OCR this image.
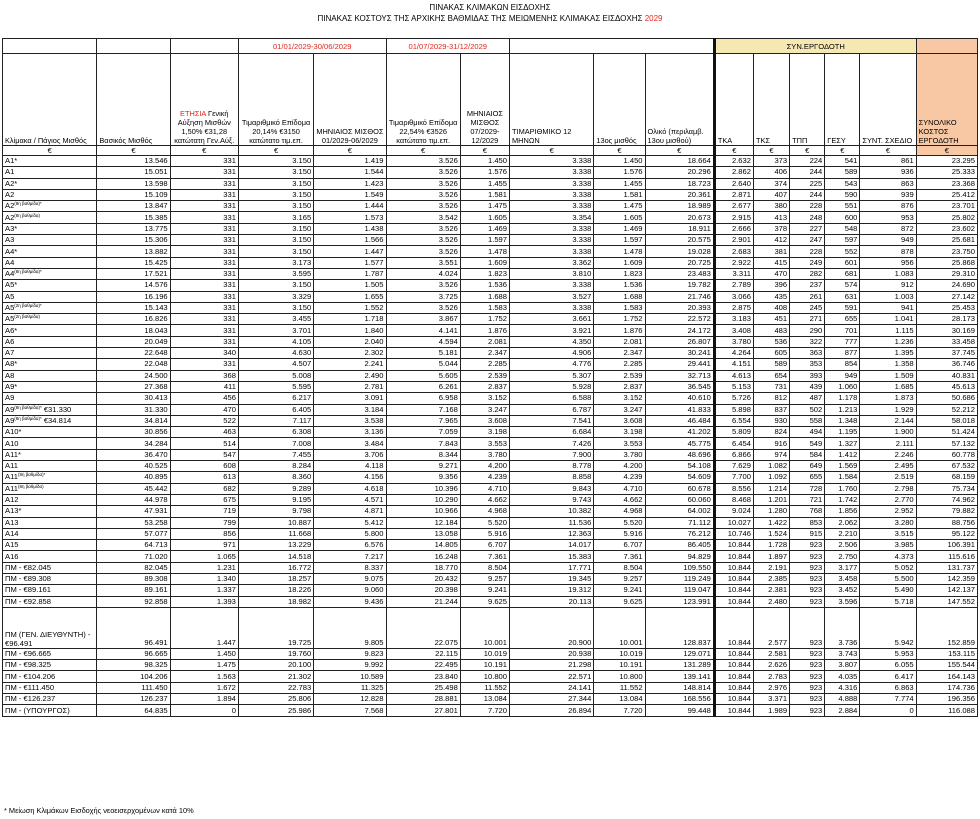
ΠΙΝΑΚΑΣ ΚΛΙΜΑΚΩΝ ΕΙΣΔΟΧΗΣ
ΠΙΝΑΚΑΣ ΚΟΣΤΟΥΣ ΤΗΣ ΑΡΧΙΚΗΣ ΒΑΘΜΙΔΑΣ ΤΗΣ ΜΕΙΩΜΕΝΗΣ ΚΛΙΜΑΚΑΣ ΕΙΣΔΟΧΗΣ 2029
			01/01/2029-30/06/2029		01/07/2029-31/12/2029					ΣΥΝ.ΕΡΓΟΔΟΤΗ					
Κλίμακα / Πάγιος Μισθός	Βασικός Μισθός	ΕΤΗΣΙΑ Γενική Αύξηση Μισθών 1,50% €31,28 κατώτατη Γεν.Αύξ.	Τιμαριθμικό Επίδομα 20,14% €3150 κατώτατο τιμ.επ.	ΜΗΝΙΑΙΟΣ ΜΙΣΘΟΣ 01/2029-06/2029	Τιμαριθμικό Επίδομα 22,54% €3526 κατώτατο τιμ.επ.	ΜΗΝΙΑΙΟΣ ΜΙΣΘΟΣ 07/2029-12/2029	ΤΙΜΑΡΙΘΜΙΚΟ 12 ΜΗΝΩΝ	13ος μισθός	Ολικό (περιλαμβ. 13ου μισθού)	ΤΚΑ	ΤΚΣ	ΤΠΠ	ΓΕΣΥ	ΣΥΝΤ. ΣΧΕΔΙΟ	ΣΥΝΟΛΙΚΟ ΚΟΣΤΟΣ ΕΡΓΟΔΟΤΗ
€	€	€	€	€	€	€	€	€	€	€	€	€	€	€	€
A1*	13.546	331	3.150	1.419	3.526	1.450	3.338	1.450	18.664	2.632	373	224	541	861	23.295
A1	15.051	331	3.150	1.544	3.526	1.576	3.338	1.576	20.296	2.862	406	244	589	936	25.333
A2*	13.598	331	3.150	1.423	3.526	1.455	3.338	1.455	18.723	2.640	374	225	543	863	23.368
A2	15.109	331	3.150	1.549	3.526	1.581	3.338	1.581	20.361	2.871	407	244	590	939	25.412
$A2^{(8\eta \beta\alpha\theta\mu ί\delta\alpha)*}$	13.847	331	3.150	1.444	3.526	1.475	3.338	1.475	18.989	2.677	380	228	551	876	23.701
$A2^{(8\eta \beta\alpha\theta\mu ί\delta\alpha)}$	15.385	331	3.165	1.573	3.542	1.605	3.354	1.605	20.673	2.915	413	248	600	953	25.802
A3*	13.775	331	3.150	1.438	3.526	1.469	3.338	1.469	18.911	2.666	378	227	548	872	23.602
A3	15.306	331	3.150	1.566	3.526	1.597	3.338	1.597	20.575	2.901	412	247	597	949	25.681
A4*	13.882	331	3.150	1.447	3.526	1.478	3.338	1.478	19.028	2.683	381	228	552	878	23.750
A4	15.425	331	3.173	1.577	3.551	1.609	3.362	1.609	20.725	2.922	415	249	601	956	25.868
$A4^{(8\eta \beta\alpha\theta\mu ί\delta\alpha)*}$	17.521	331	3.595	1.787	4.024	1.823	3.810	1.823	23.483	3.311	470	282	681	1.083	29.310
A5*	14.576	331	3.150	1.505	3.526	1.536	3.338	1.536	19.782	2.789	396	237	574	912	24.690
A5	16.196	331	3.329	1.655	3.725	1.688	3.527	1.688	21.746	3.066	435	261	631	1.003	27.142
$A5^{(2\eta \beta\alpha\theta\mu ί\delta\alpha)*}$	15.143	331	3.150	1.552	3.526	1.583	3.338	1.583	20.393	2.875	408	245	591	941	25.453
$A5^{(2\eta \beta\alpha\theta\mu ί\delta\alpha)}$	16.826	331	3.455	1.718	3.867	1.752	3.661	1.752	22.572	3.183	451	271	655	1.041	28.173
A6*	18.043	331	3.701	1.840	4.141	1.876	3.921	1.876	24.172	3.408	483	290	701	1.115	30.169
A6	20.049	331	4.105	2.040	4.594	2.081	4.350	2.081	26.807	3.780	536	322	777	1.236	33.458
A7	22.648	340	4.630	2.302	5.181	2.347	4.906	2.347	30.241	4.264	605	363	877	1.395	37.745
A8*	22.048	331	4.507	2.241	5.044	2.285	4.776	2.285	29.441	4.151	589	353	854	1.358	36.746
A8	24.500	368	5.008	2.490	5.605	2.539	5.307	2.539	32.713	4.613	654	393	949	1.509	40.831
A9*	27.368	411	5.595	2.781	6.261	2.837	5.928	2.837	36.545	5.153	731	439	1.060	1.685	45.613
A9	30.413	456	6.217	3.091	6.958	3.152	6.588	3.152	40.610	5.726	812	487	1.178	1.873	50.686
$A9^{(8\eta \beta\alpha\theta\mu ί\delta\alpha)*}$ €31.330	31.330	470	6.405	3.184	7.168	3.247	6.787	3.247	41.833	5.898	837	502	1.213	1.929	52.212
$A9^{(8\eta \beta\alpha\theta\mu ί\delta\alpha)*}$ €34.814	34.814	522	7.117	3.538	7.965	3.608	7.541	3.608	46.484	6.554	930	558	1.348	2.144	58.018
A10*	30.856	463	6.308	3.136	7.059	3.198	6.684	3.198	41.202	5.809	824	494	1.195	1.900	51.424
A10	34.284	514	7.008	3.484	7.843	3.553	7.426	3.553	45.775	6.454	916	549	1.327	2.111	57.132
A11*	36.470	547	7.455	3.706	8.344	3.780	7.900	3.780	48.696	6.866	974	584	1.412	2.246	60.778
A11	40.525	608	8.284	4.118	9.271	4.200	8.778	4.200	54.108	7.629	1.082	649	1.569	2.495	67.532
$A11^{(8\eta \beta\alpha\theta\mu ί\delta\alpha)*}$	40.895	613	8.360	4.156	9.356	4.239	8.858	4.239	54.609	7.700	1.092	655	1.584	2.519	68.159
$A11^{(8\eta \beta\alpha\theta\mu ί\delta\alpha)}$	45.442	682	9.289	4.618	10.396	4.710	9.843	4.710	60.678	8.556	1.214	728	1.760	2.798	75.734
A12	44.978	675	9.195	4.571	10.290	4.662	9.743	4.662	60.060	8.468	1.201	721	1.742	2.770	74.962
A13*	47.931	719	9.798	4.871	10.966	4.968	10.382	4.968	64.002	9.024	1.280	768	1.856	2.952	79.882
A13	53.258	799	10.887	5.412	12.184	5.520	11.536	5.520	71.112	10.027	1.422	853	2.062	3.280	88.756
A14	57.077	856	11.668	5.800	13.058	5.916	12.363	5.916	76.212	10.746	1.524	915	2.210	3.515	95.122
A15	64.713	971	13.229	6.576	14.805	6.707	14.017	6.707	86.405	10.844	1.728	923	2.506	3.985	106.391
A16	71.020	1.065	14.518	7.217	16.248	7.361	15.383	7.361	94.829	10.844	1.897	923	2.750	4.373	115.616
ΠΜ - €82.045	82.045	1.231	16.772	8.337	18.770	8.504	17.771	8.504	109.550	10.844	2.191	923	3.177	5.052	131.737
ΠΜ - €89.308	89.308	1.340	18.257	9.075	20.432	9.257	19.345	9.257	119.249	10.844	2.385	923	3.458	5.500	142.359
ΠΜ - €89.161	89.161	1.337	18.226	9.060	20.398	9.241	19.312	9.241	119.047	10.844	2.381	923	3.452	5.490	142.137
ΠΜ - €92.858	92.858	1.393	18.982	9.436	21.244	9.625	20.113	9.625	123.991	10.844	2.480	923	3.596	5.718	147.552
ΠΜ (ΓΕΝ. ΔΙΕΥΘΥΝΤΗ) - €96.491	96.491	1.447	19.725	9.805	22.075	10.001	20.900	10.001	128.837	10.844	2.577	923	3.736	5.942	152.859
ΠΜ - €96.665	96.665	1.450	19.760	9.823	22.115	10.019	20.938	10.019	129.071	10.844	2.581	923	3.743	5.953	153.115
ΠΜ - €98.325	98.325	1.475	20.100	9.992	22.495	10.191	21.298	10.191	131.289	10.844	2.626	923	3.807	6.055	155.544
ΠΜ - €104.206	104.206	1.563	21.302	10.589	23.840	10.800	22.571	10.800	139.141	10.844	2.783	923	4.035	6.417	164.143
ΠΜ - €111.450	111.450	1.672	22.783	11.325	25.498	11.552	24.141	11.552	148.814	10.844	2.976	923	4.316	6.863	174.736
ΠΜ - €126.237	126.237	1.894	25.806	12.828	28.881	13.084	27.344	13.084	168.556	10.844	3.371	923	4.888	7.774	196.356
ΠΜ - (ΥΠΟΥΡΓΟΣ)	64.835	0	25.986	7.568	27.801	7.720	26.894	7.720	99.448	10.844	1.989	923	2.884	0	116.088
* Μείωση Κλιμάκων Εισδοχής νεοεισερχομένων κατά 10%
